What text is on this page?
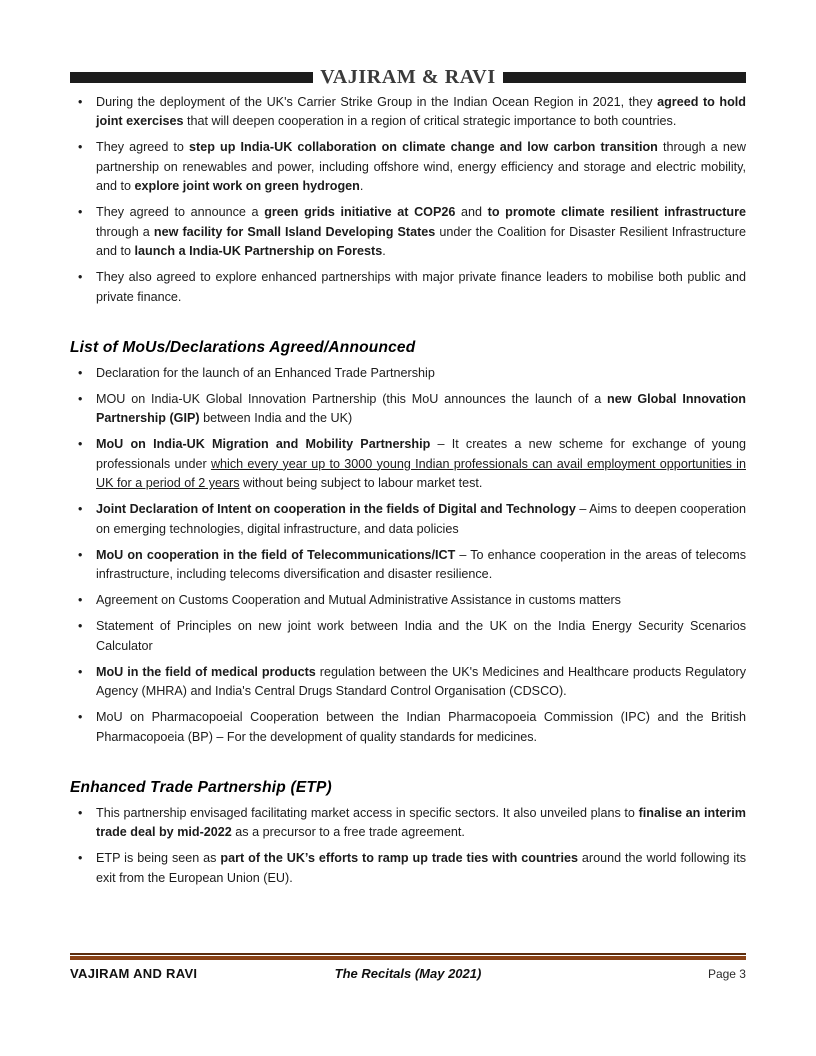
VAJIRAM & RAVI
•	During the deployment of the UK's Carrier Strike Group in the Indian Ocean Region in 2021, they agreed to hold joint exercises that will deepen cooperation in a region of critical strategic importance to both countries.
•	They agreed to step up India-UK collaboration on climate change and low carbon transition through a new partnership on renewables and power, including offshore wind, energy efficiency and storage and electric mobility, and to explore joint work on green hydrogen.
•	They agreed to announce a green grids initiative at COP26 and to promote climate resilient infrastructure through a new facility for Small Island Developing States under the Coalition for Disaster Resilient Infrastructure and to launch a India-UK Partnership on Forests.
•	They also agreed to explore enhanced partnerships with major private finance leaders to mobilise both public and private finance.
List of MoUs/Declarations Agreed/Announced
•	Declaration for the launch of an Enhanced Trade Partnership
•	MOU on India-UK Global Innovation Partnership (this MoU announces the launch of a new Global Innovation Partnership (GIP) between India and the UK)
•	MoU on India-UK Migration and Mobility Partnership – It creates a new scheme for exchange of young professionals under which every year up to 3000 young Indian professionals can avail employment opportunities in UK for a period of 2 years without being subject to labour market test.
•	Joint Declaration of Intent on cooperation in the fields of Digital and Technology – Aims to deepen cooperation on emerging technologies, digital infrastructure, and data policies
•	MoU on cooperation in the field of Telecommunications/ICT – To enhance cooperation in the areas of telecoms infrastructure, including telecoms diversification and disaster resilience.
•	Agreement on Customs Cooperation and Mutual Administrative Assistance in customs matters
•	Statement of Principles on new joint work between India and the UK on the India Energy Security Scenarios Calculator
•	MoU in the field of medical products regulation between the UK's Medicines and Healthcare products Regulatory Agency (MHRA) and India's Central Drugs Standard Control Organisation (CDSCO).
•	MoU on Pharmacopoeial Cooperation between the Indian Pharmacopoeia Commission (IPC) and the British Pharmacopoeia (BP) – For the development of quality standards for medicines.
Enhanced Trade Partnership (ETP)
•	This partnership envisaged facilitating market access in specific sectors. It also unveiled plans to finalise an interim trade deal by mid-2022 as a precursor to a free trade agreement.
•	ETP is being seen as part of the UK’s efforts to ramp up trade ties with countries around the world following its exit from the European Union (EU).
VAJIRAM AND RAVI	The Recitals (May 2021)	Page 3
